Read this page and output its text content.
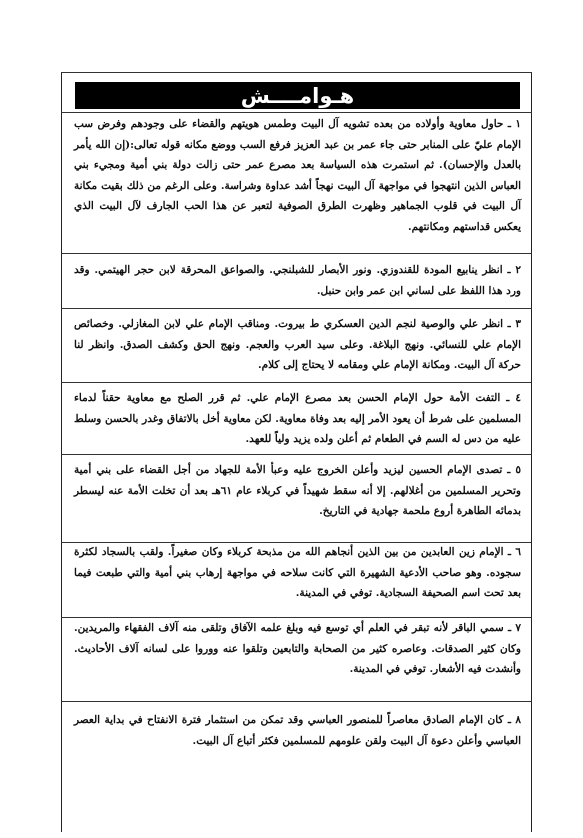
هـوامــــش
١ ـ حاول معاوية وأولاده من بعده تشويه آل البيت وطمس هويتهم والقضاء على وجودهم وفرض سب الإمام عليّ على المنابر حتى جاء عمر بن عبد العزيز فرفع السب ووضع مكانه قوله تعالى:(إن الله يأمر بالعدل والإحسان). ثم استمرت هذه السياسة بعد مصرع عمر حتى زالت دولة بني أمية ومجيء بني العباس الذين انتهجوا في مواجهة آل البيت نهجاً أشد عداوة وشراسة. وعلى الرغم من ذلك بقيت مكانة آل البيت في قلوب الجماهير وظهرت الطرق الصوفية لتعبر عن هذا الحب الجارف لآل البيت الذي يعكس قداستهم ومكانتهم.
٢ ـ انظر ينابيع المودة للقندوزي. ونور الأبصار للشبلنجي. والصواعق المحرقة لابن حجر الهيتمي. وقد ورد هذا اللفظ على لساني ابن عمر وابن حنبل.
٣ ـ انظر علي والوصية لنجم الدين العسكري ط بيروت. ومناقب الإمام علي لابن المغازلي. وخصائص الإمام علي للنسائي. ونهج البلاغة. وعلى سيد العرب والعجم. ونهج الحق وكشف الصدق. وانظر لنا حركة آل البيت. ومكانة الإمام علي ومقامه لا يحتاج إلى كلام.
٤ ـ التفت الأمة حول الإمام الحسن بعد مصرع الإمام علي. ثم قرر الصلح مع معاوية حقناً لدماء المسلمين على شرط أن يعود الأمر إليه بعد وفاة معاوية. لكن معاوية أخل بالاتفاق وغدر بالحسن وسلط عليه من دس له السم في الطعام ثم أعلن ولده يزيد ولياً للعهد.
٥ ـ تصدى الإمام الحسين ليزيد وأعلن الخروج عليه وعبأ الأمة للجهاد من أجل القضاء على بني أمية وتحرير المسلمين من أغلالهم. إلا أنه سقط شهيداً في كربلاء عام ٦١هـ بعد أن تخلت الأمة عنه ليسطر بدمائه الطاهرة أروع ملحمة جهادية في التاريخ.
٦ ـ الإمام زين العابدين من بين الذين أنجاهم الله من مذبحة كربلاء وكان صغيراً. ولقب بالسجاد لكثرة سجوده. وهو صاحب الأدعية الشهيرة التي كانت سلاحه في مواجهة إرهاب بني أمية والتي طبعت فيما بعد تحت اسم الصحيفة السجادية. توفي في المدينة.
٧ ـ سمي الباقر لأنه تبقر في العلم أي توسع فيه وبلغ علمه الآفاق وتلقى منه آلاف الفقهاء والمريدين. وكان كثير الصدقات. وعاصره كثير من الصحابة والتابعين وتلقوا عنه ووروا على لسانه آلاف الأحاديث. وأنشدت فيه الأشعار. توفي في المدينة.
٨ ـ كان الإمام الصادق معاصراً للمنصور العباسي وقد تمكن من استثمار فترة الانفتاح في بداية العصر العباسي وأعلن دعوة آل البيت ولقن علومهم للمسلمين فكثر أتباع آل البيت.
